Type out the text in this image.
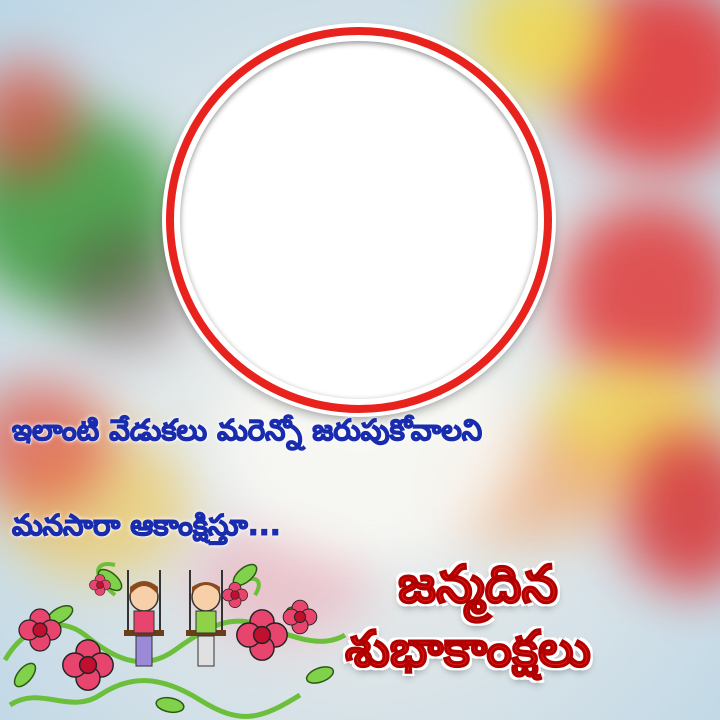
ఇలాంటి వేడుకలు మరెన్నో జరుపుకోవాలని
మనసారా ఆకాంక్షిస్తూ...
జన్మదిన
శుభాకాంక్షలు
